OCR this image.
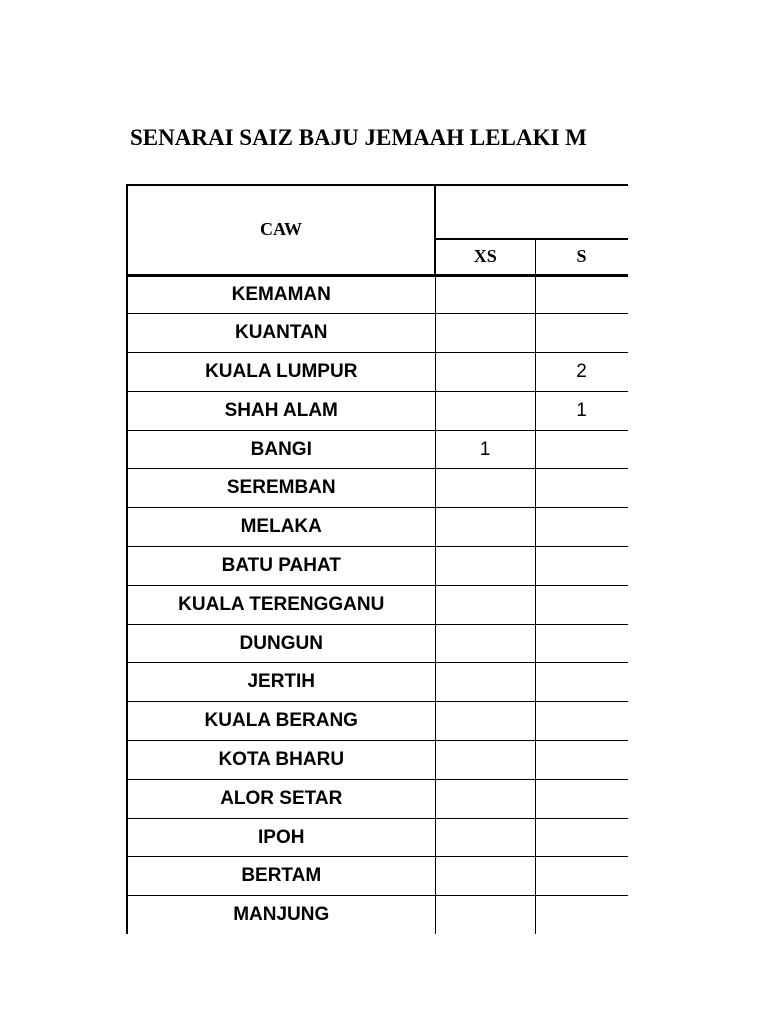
SENARAI SAIZ BAJU JEMAAH LELAKI M
CAW			
	XS	S	
KEMAMAN			
KUANTAN			
KUALA LUMPUR		2	
SHAH ALAM		1	
BANGI	1		
SEREMBAN			
MELAKA			
BATU PAHAT			
KUALA TERENGGANU			
DUNGUN			
JERTIH			
KUALA BERANG			
KOTA BHARU			
ALOR SETAR			
IPOH			
BERTAM			
MANJUNG			
